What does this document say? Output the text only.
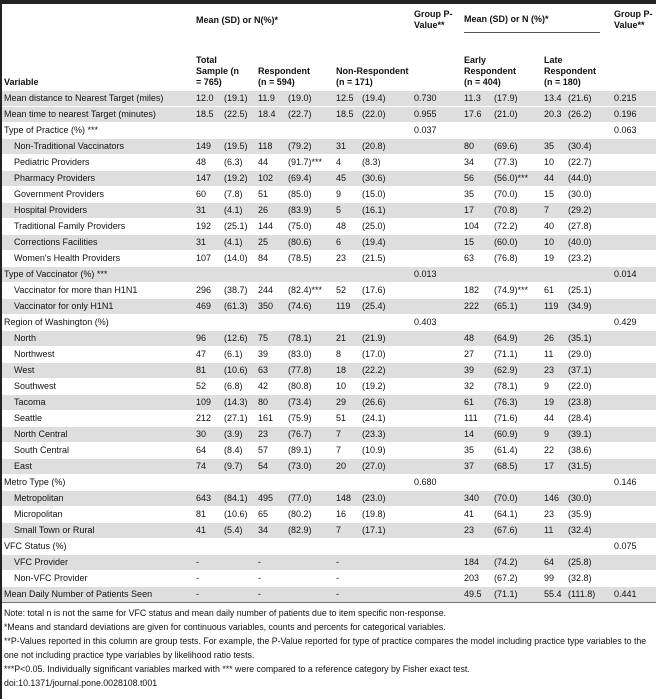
	Mean (SD) or N(%)*						Group P-Value**	Mean (SD) or N (%)*				Group P-Value**
Variable	Total Sample (n = 765)		Respondent (n = 594)		Non-Respondent (n = 171)			Early Respondent (n = 404)		Late Respondent (n = 180)		

Mean distance to Nearest Target (miles)	12.0	(19.1)	11.9	(19.0)	12.5	(19.4)	0.730	11.3	(17.9)	13.4	(21.6)	0.215
Mean time to nearest Target (minutes)	18.5	(22.5)	18.4	(22.7)	18.5	(22.0)	0.955	17.6	(21.0)	20.3	(26.2)	0.196
Type of Practice (%) ***							0.037					0.063
Non-Traditional Vaccinators	149	(19.5)	118	(79.2)	31	(20.8)		80	(69.6)	35	(30.4)	
Pediatric Providers	48	(6.3)	44	(91.7)***	4	(8.3)		34	(77.3)	10	(22.7)	
Pharmacy Providers	147	(19.2)	102	(69.4)	45	(30.6)		56	(56.0)***	44	(44.0)	
Government Providers	60	(7.8)	51	(85.0)	9	(15.0)		35	(70.0)	15	(30.0)	
Hospital Providers	31	(4.1)	26	(83.9)	5	(16.1)		17	(70.8)	7	(29.2)	
Traditional Family Providers	192	(25.1)	144	(75.0)	48	(25.0)		104	(72.2)	40	(27.8)	
Corrections Facilities	31	(4.1)	25	(80.6)	6	(19.4)		15	(60.0)	10	(40.0)	
Women's Health Providers	107	(14.0)	84	(78.5)	23	(21.5)		63	(76.8)	19	(23.2)	
Type of Vaccinator (%) ***							0.013					0.014
Vaccinator for more than H1N1	296	(38.7)	244	(82.4)***	52	(17.6)		182	(74.9)***	61	(25.1)	
Vaccinator for only H1N1	469	(61.3)	350	(74.6)	119	(25.4)		222	(65.1)	119	(34.9)	
Region of Washington (%)							0.403					0.429
North	96	(12.6)	75	(78.1)	21	(21.9)		48	(64.9)	26	(35.1)	
Northwest	47	(6.1)	39	(83.0)	8	(17.0)		27	(71.1)	11	(29.0)	
West	81	(10.6)	63	(77.8)	18	(22.2)		39	(62.9)	23	(37.1)	
Southwest	52	(6.8)	42	(80.8)	10	(19.2)		32	(78.1)	9	(22.0)	
Tacoma	109	(14.3)	80	(73.4)	29	(26.6)		61	(76.3)	19	(23.8)	
Seattle	212	(27.1)	161	(75.9)	51	(24.1)		111	(71.6)	44	(28.4)	
North Central	30	(3.9)	23	(76.7)	7	(23.3)		14	(60.9)	9	(39.1)	
South Central	64	(8.4)	57	(89.1)	7	(10.9)		35	(61.4)	22	(38.6)	
East	74	(9.7)	54	(73.0)	20	(27.0)		37	(68.5)	17	(31.5)	
Metro Type (%)							0.680					0.146
Metropolitan	643	(84.1)	495	(77.0)	148	(23.0)		340	(70.0)	146	(30.0)	
Micropolitan	81	(10.6)	65	(80.2)	16	(19.8)		41	(64.1)	23	(35.9)	
Small Town or Rural	41	(5.4)	34	(82.9)	7	(17.1)		23	(67.6)	11	(32.4)	
VFC Status (%)												0.075
VFC Provider	-		-		-			184	(74.2)	64	(25.8)	
Non-VFC Provider	-		-		-			203	(67.2)	99	(32.8)	
Mean Daily Number of Patients Seen	-		-		-			49.5	(71.1)	55.4	(111.8)	0.441
Note: total n is not the same for VFC status and mean daily number of patients due to item specific non-response.
*Means and standard deviations are given for continuous variables, counts and percents for categorical variables.
**P-Values reported in this column are group tests. For example, the P-Value reported for type of practice compares the model including practice type variables to the one not including practice type variables by likelihood ratio tests.
***P<0.05. Individually significant variables marked with *** were compared to a reference category by Fisher exact test.
doi:10.1371/journal.pone.0028108.t001
